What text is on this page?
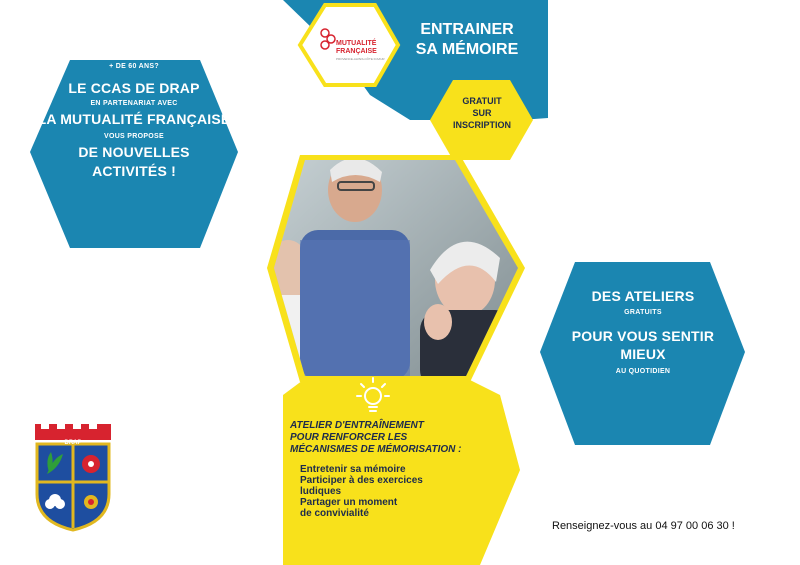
MUTUALITÉ
FRANÇAISE
PROVENCE-ALPES-CÔTE D'AZUR
ENTRAINER
SA MÉMOIRE
GRATUIT
SUR
INSCRIPTION
+ DE 60 ANS?
LE CCAS DE DRAP
EN PARTENARIAT AVEC
LA MUTUALITÉ FRANÇAISE
VOUS PROPOSE
DE NOUVELLES
ACTIVITÉS !
DES ATELIERS
GRATUITS
POUR VOUS SENTIR
MIEUX
AU QUOTIDIEN
ATELIER D'ENTRAÎNEMENT
POUR RENFORCER LES
MÉCANISMES DE MÉMORISATION :
Entretenir sa mémoire
Participer à des exercices
ludiques
Partager un moment
de convivialité
DRAP
Renseignez-vous au 04 97 00 06 30 !
